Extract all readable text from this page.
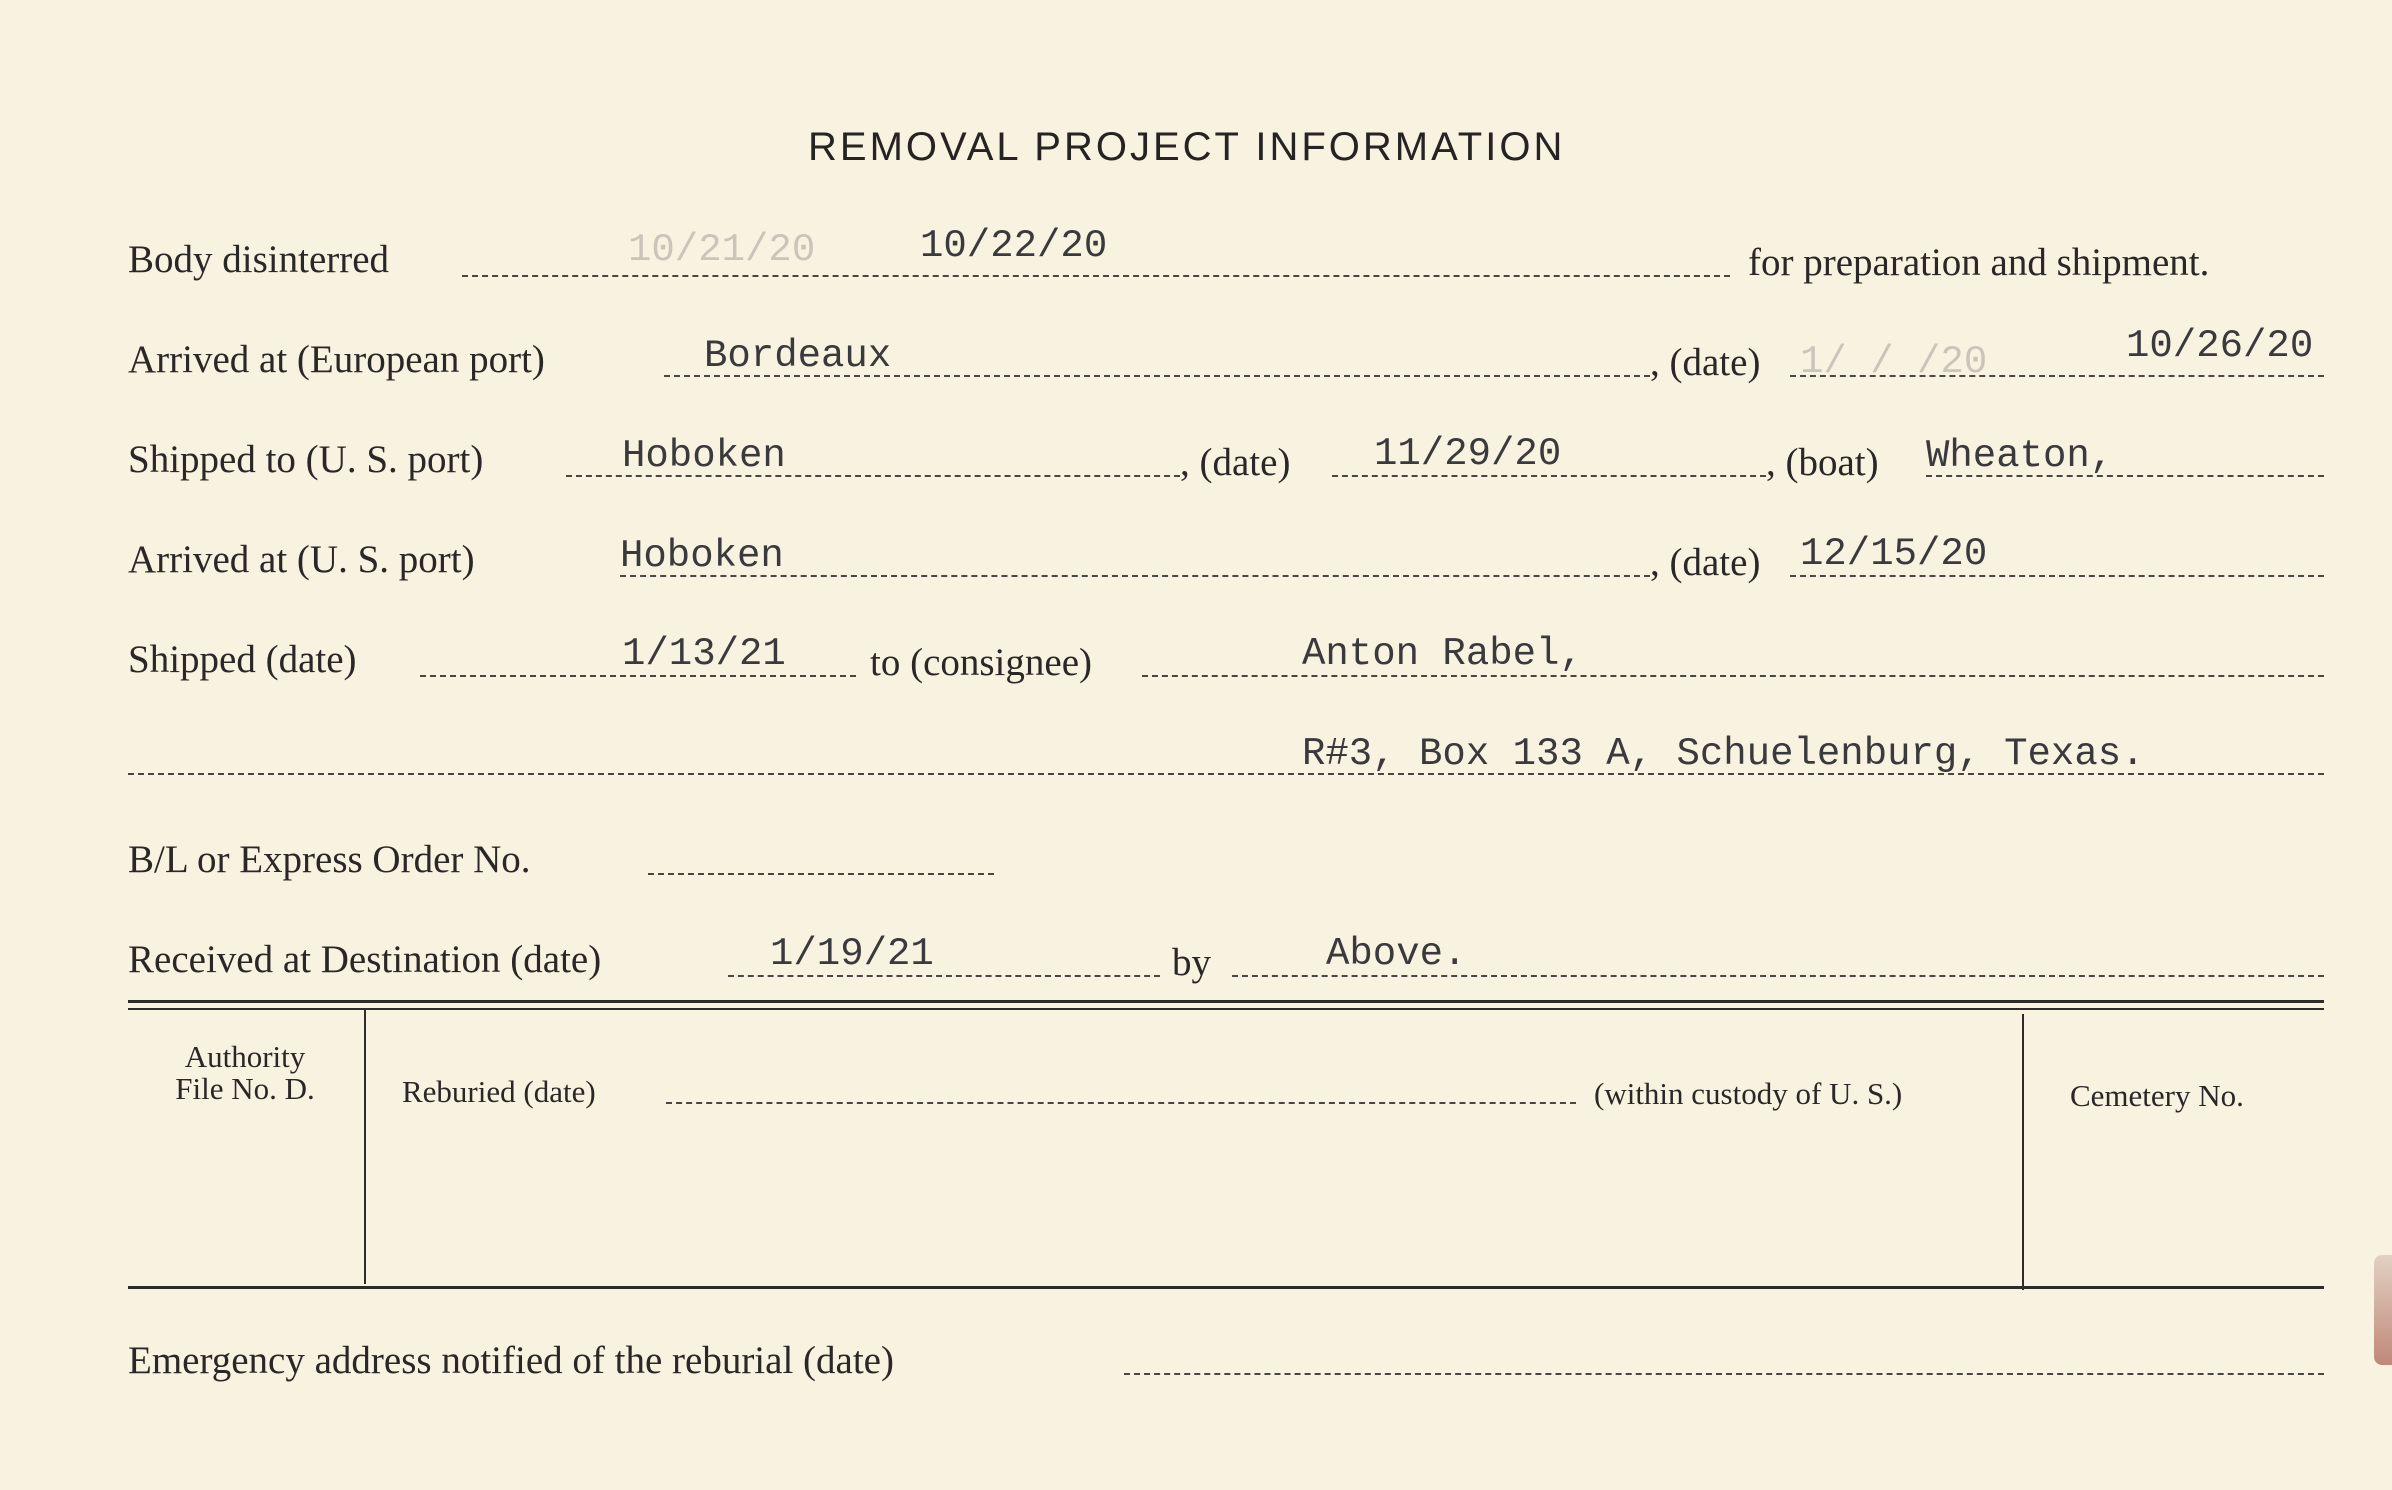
REMOVAL PROJECT INFORMATION
Body disinterred	10/21/20	10/22/20	for preparation and shipment.
Arrived at (European port)	Bordeaux	, (date) 1/ / /20	10/26/20
Shipped to (U. S. port)	Hoboken	, (date) 11/29/20	, (boat) Wheaton,
Arrived at (U. S. port)	Hoboken	, (date) 12/15/20
Shipped (date)	1/13/21 to (consignee)	Anton Rabel,
R#3, Box 133 A, Schuelenburg, Texas.
B/L or Express Order No.
Received at Destination (date)	1/19/21	by	Above.
Authority
File No. D.	Reburied (date)	(within custody of U. S.)	Cemetery No.
Emergency address notified of the reburial (date)
